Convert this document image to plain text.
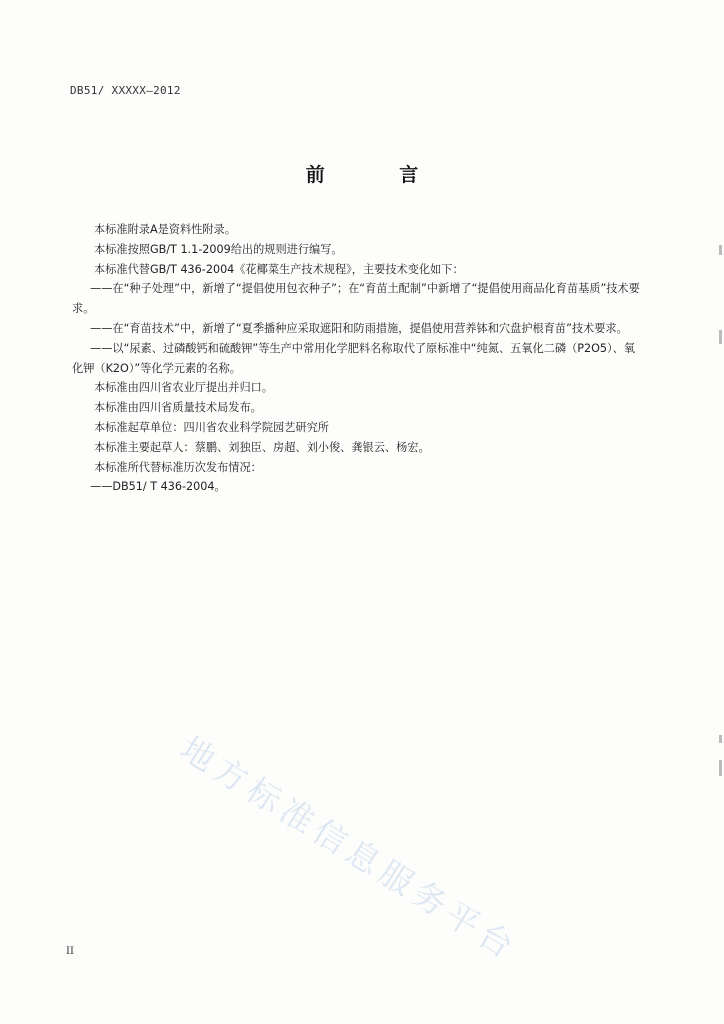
DB51/ XXXXX—2012
前 言

本标准附录A是资料性附录。

本标准按照GB/T 1.1-2009给出的规则进行编写。

本标准代替GB/T 436-2004《花椰菜生产技术规程》，主要技术变化如下：

——在“种子处理”中，新增了“提倡使用包衣种子”；在“育苗土配制”中新增了“提倡使用商品化育苗基质”技术要求。

——在“育苗技术”中，新增了“夏季播种应采取遮阳和防雨措施，提倡使用营养钵和穴盘护根育苗”技术要求。

——以“尿素、过磷酸钙和硫酸钾”等生产中常用化学肥料名称取代了原标准中“纯氮、五氧化二磷（P2O5）、氧化钾（K2O）”等化学元素的名称。

本标准由四川省农业厅提出并归口。

本标准由四川省质量技术局发布。

本标准起草单位：四川省农业科学院园艺研究所

本标准主要起草人：蔡鹏、刘独臣、房超、刘小俊、龚银云、杨宏。

本标准所代替标准历次发布情况：

——DB51/ T 436-2004。

地方标准信息服务平台
II
